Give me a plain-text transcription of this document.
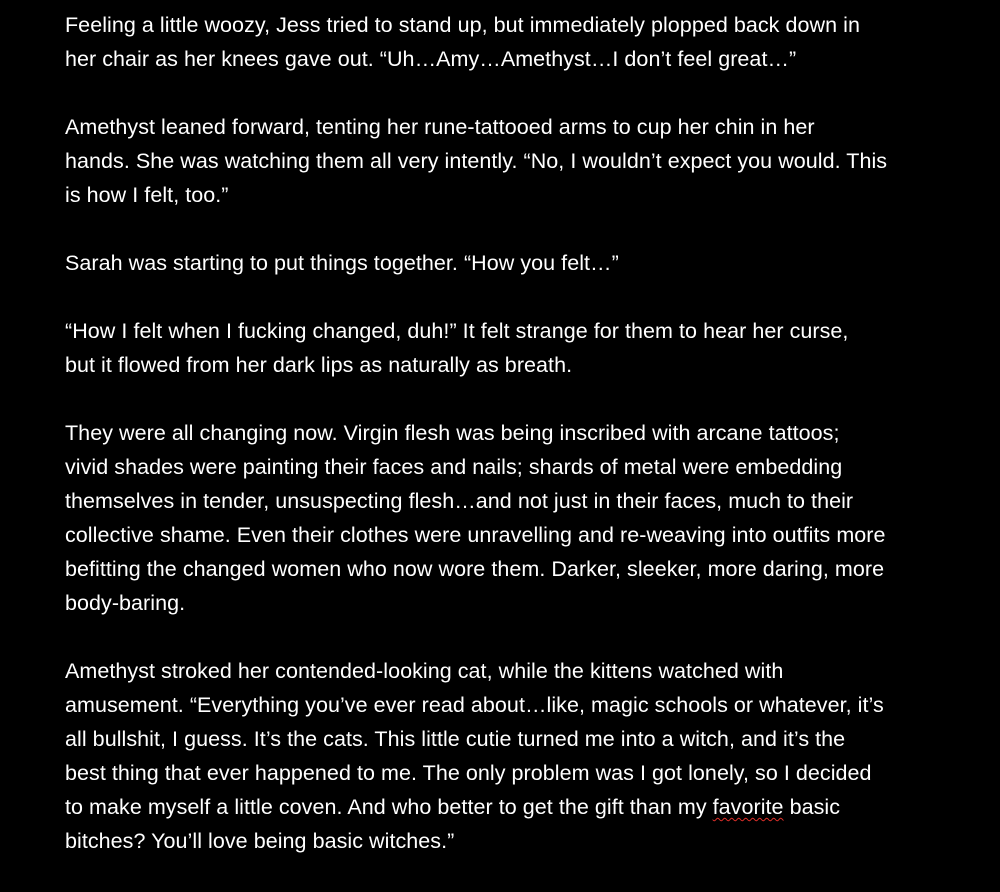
Feeling a little woozy, Jess tried to stand up, but immediately plopped back down in
her chair as her knees gave out. “Uh…Amy…Amethyst…I don’t feel great…”
Amethyst leaned forward, tenting her rune-tattooed arms to cup her chin in her
hands. She was watching them all very intently. “No, I wouldn’t expect you would. This
is how I felt, too.”
Sarah was starting to put things together. “How you felt…”
“How I felt when I fucking changed, duh!” It felt strange for them to hear her curse,
but it flowed from her dark lips as naturally as breath.
They were all changing now. Virgin flesh was being inscribed with arcane tattoos;
vivid shades were painting their faces and nails; shards of metal were embedding
themselves in tender, unsuspecting flesh…and not just in their faces, much to their
collective shame. Even their clothes were unravelling and re-weaving into outfits more
befitting the changed women who now wore them. Darker, sleeker, more daring, more
body-baring.
Amethyst stroked her contended-looking cat, while the kittens watched with
amusement. “Everything you’ve ever read about…like, magic schools or whatever, it’s
all bullshit, I guess. It’s the cats. This little cutie turned me into a witch, and it’s the
best thing that ever happened to me. The only problem was I got lonely, so I decided
to make myself a little coven. And who better to get the gift than my favorite basic
bitches? You’ll love being basic witches.”
